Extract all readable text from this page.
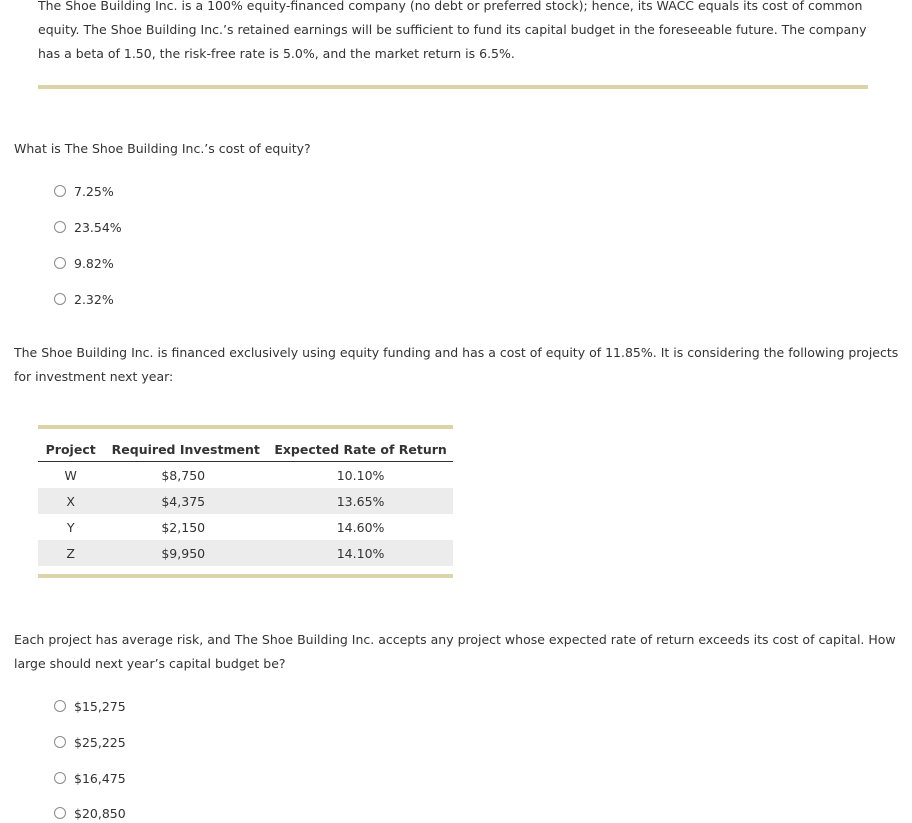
The Shoe Building Inc. is a 100% equity-financed company (no debt or preferred stock); hence, its WACC equals its cost of common equity. The Shoe Building Inc.’s retained earnings will be sufficient to fund its capital budget in the foreseeable future. The company has a beta of 1.50, the risk-free rate is 5.0%, and the market return is 6.5%.
What is The Shoe Building Inc.’s cost of equity?
7.25%
23.54%
9.82%
2.32%
The Shoe Building Inc. is financed exclusively using equity funding and has a cost of equity of 11.85%. It is considering the following projects for investment next year:
Project	Required Investment	Expected Rate of Return
W	$8,750	10.10%
X	$4,375	13.65%
Y	$2,150	14.60%
Z	$9,950	14.10%
Each project has average risk, and The Shoe Building Inc. accepts any project whose expected rate of return exceeds its cost of capital. How large should next year’s capital budget be?
$15,275
$25,225
$16,475
$20,850
